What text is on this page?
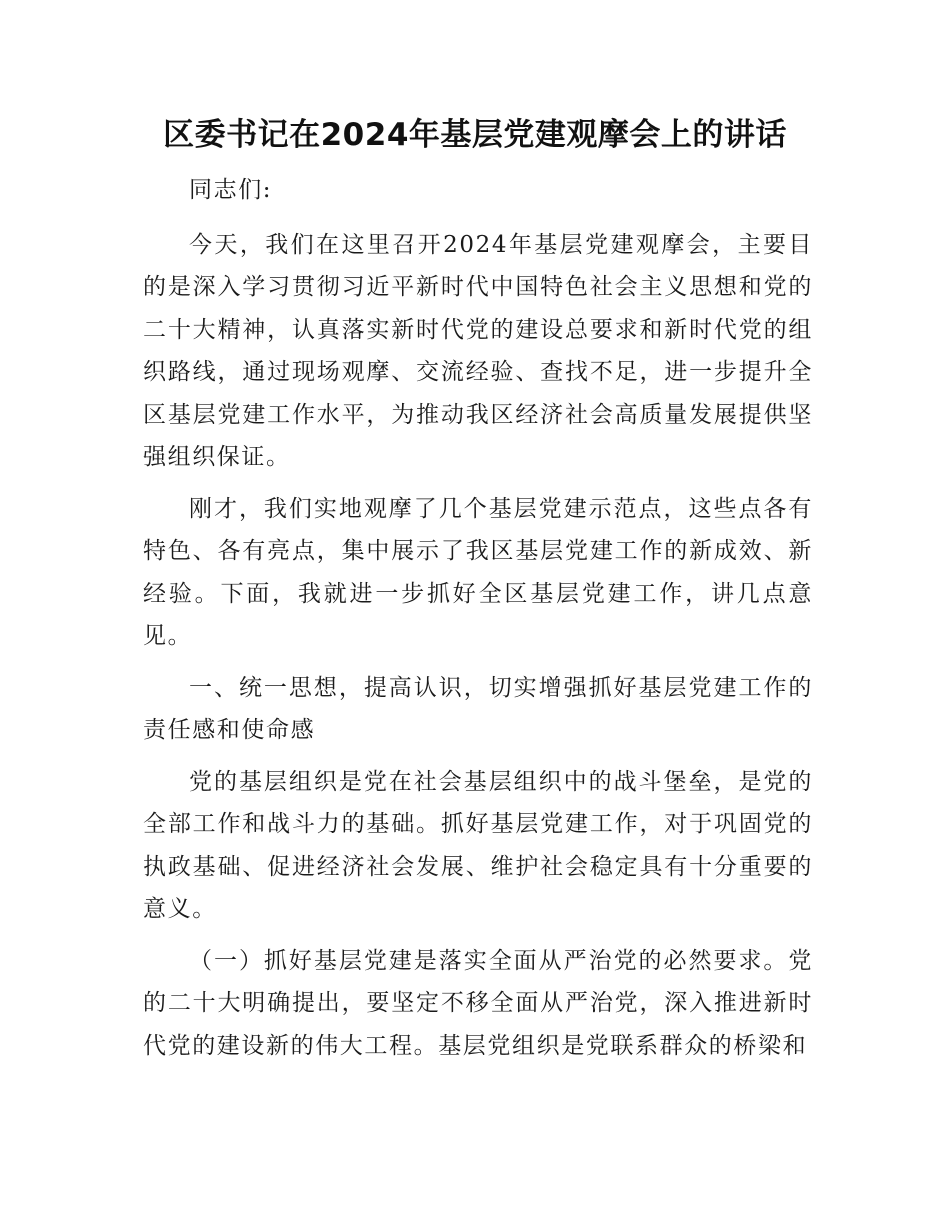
区委书记在2024年基层党建观摩会上的讲话

同志们:

今天，我们在这里召开2024年基层党建观摩会，主要目的是深入学习贯彻习近平新时代中国特色社会主义思想和党的二十大精神，认真落实新时代党的建设总要求和新时代党的组织路线，通过现场观摩、交流经验、查找不足，进一步提升全区基层党建工作水平，为推动我区经济社会高质量发展提供坚强组织保证。

刚才，我们实地观摩了几个基层党建示范点，这些点各有特色、各有亮点，集中展示了我区基层党建工作的新成效、新经验。下面，我就进一步抓好全区基层党建工作，讲几点意见。

一、统一思想，提高认识，切实增强抓好基层党建工作的责任感和使命感

党的基层组织是党在社会基层组织中的战斗堡垒，是党的全部工作和战斗力的基础。抓好基层党建工作，对于巩固党的执政基础、促进经济社会发展、维护社会稳定具有十分重要的意义。

（一）抓好基层党建是落实全面从严治党的必然要求。党的二十大明确提出，要坚定不移全面从严治党，深入推进新时代党的建设新的伟大工程。基层党组织是党联系群众的桥梁和
